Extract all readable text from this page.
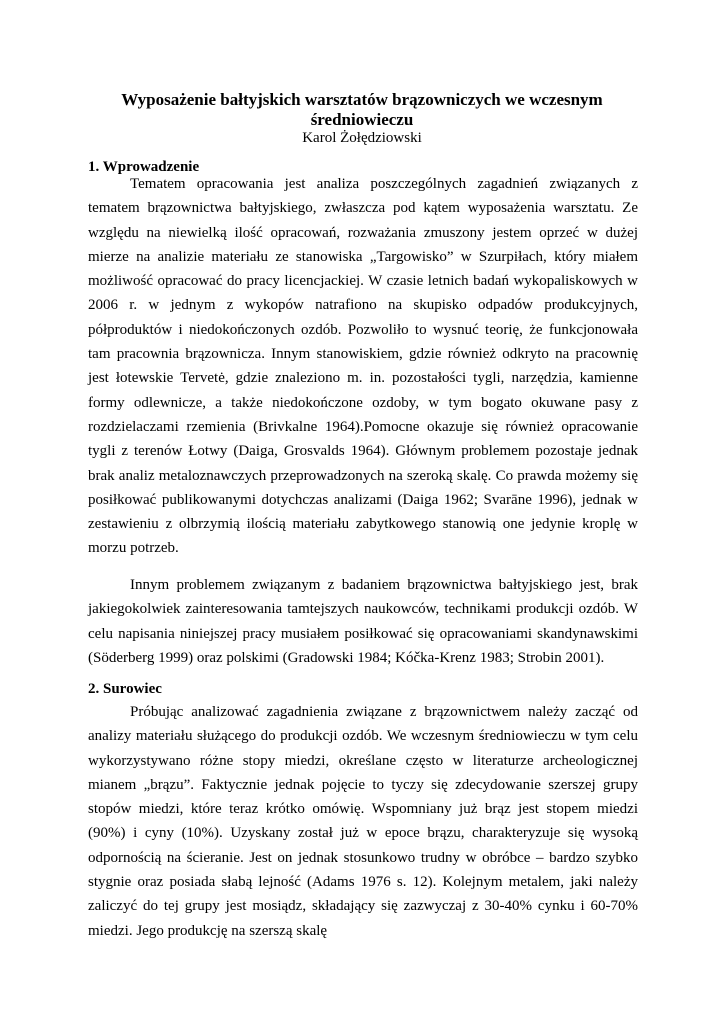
Wyposażenie bałtyjskich warsztatów brązowniczych we wczesnym średniowieczu
Karol Żołędziowski
1. Wprowadzenie

Tematem opracowania jest analiza poszczególnych zagadnień związanych z tematem brązownictwa bałtyjskiego, zwłaszcza pod kątem wyposażenia warsztatu. Ze względu na niewielką ilość opracowań, rozważania zmuszony jestem oprzeć w dużej mierze na analizie materiału ze stanowiska „Targowisko” w Szurpiłach, który miałem możliwość opracować do pracy licencjackiej. W czasie letnich badań wykopaliskowych w 2006 r. w jednym z wykopów natrafiono na skupisko odpadów produkcyjnych, półproduktów i niedokończonych ozdób. Pozwoliło to wysnuć teorię, że funkcjonowała tam pracownia brązownicza. Innym stanowiskiem, gdzie również odkryto na pracownię jest łotewskie Tervetė, gdzie znaleziono m. in. pozostałości tygli, narzędzia, kamienne formy odlewnicze, a także niedokończone ozdoby, w tym bogato okuwane pasy z rozdzielaczami rzemienia (Brivkalne 1964).Pomocne okazuje się również opracowanie tygli z terenów Łotwy (Daiga, Grosvalds 1964). Głównym problemem pozostaje jednak brak analiz metaloznawczych przeprowadzonych na szeroką skalę. Co prawda możemy się posiłkować publikowanymi dotychczas analizami (Daiga 1962; Svarāne 1996), jednak w zestawieniu z olbrzymią ilością materiału zabytkowego stanowią one jedynie kroplę w morzu potrzeb.

Innym problemem związanym z badaniem brązownictwa bałtyjskiego jest, brak jakiegokolwiek zainteresowania tamtejszych naukowców, technikami produkcji ozdób. W celu napisania niniejszej pracy musiałem posiłkować się opracowaniami skandynawskimi (Söderberg 1999) oraz polskimi (Gradowski 1984; Kóčka-Krenz 1983; Strobin 2001).

2. Surowiec

Próbując analizować zagadnienia związane z brązownictwem należy zacząć od analizy materiału służącego do produkcji ozdób. We wczesnym średniowieczu w tym celu wykorzystywano różne stopy miedzi, określane często w literaturze archeologicznej mianem „brązu”. Faktycznie jednak pojęcie to tyczy się zdecydowanie szerszej grupy stopów miedzi, które teraz krótko omówię. Wspomniany już brąz jest stopem miedzi (90%) i cyny (10%). Uzyskany został już w epoce brązu, charakteryzuje się wysoką odpornością na ścieranie. Jest on jednak stosunkowo trudny w obróbce – bardzo szybko stygnie oraz posiada słabą lejność (Adams 1976 s. 12). Kolejnym metalem, jaki należy zaliczyć do tej grupy jest mosiądz, składający się zazwyczaj z 30-40% cynku i 60-70% miedzi. Jego produkcję na szerszą skalę
